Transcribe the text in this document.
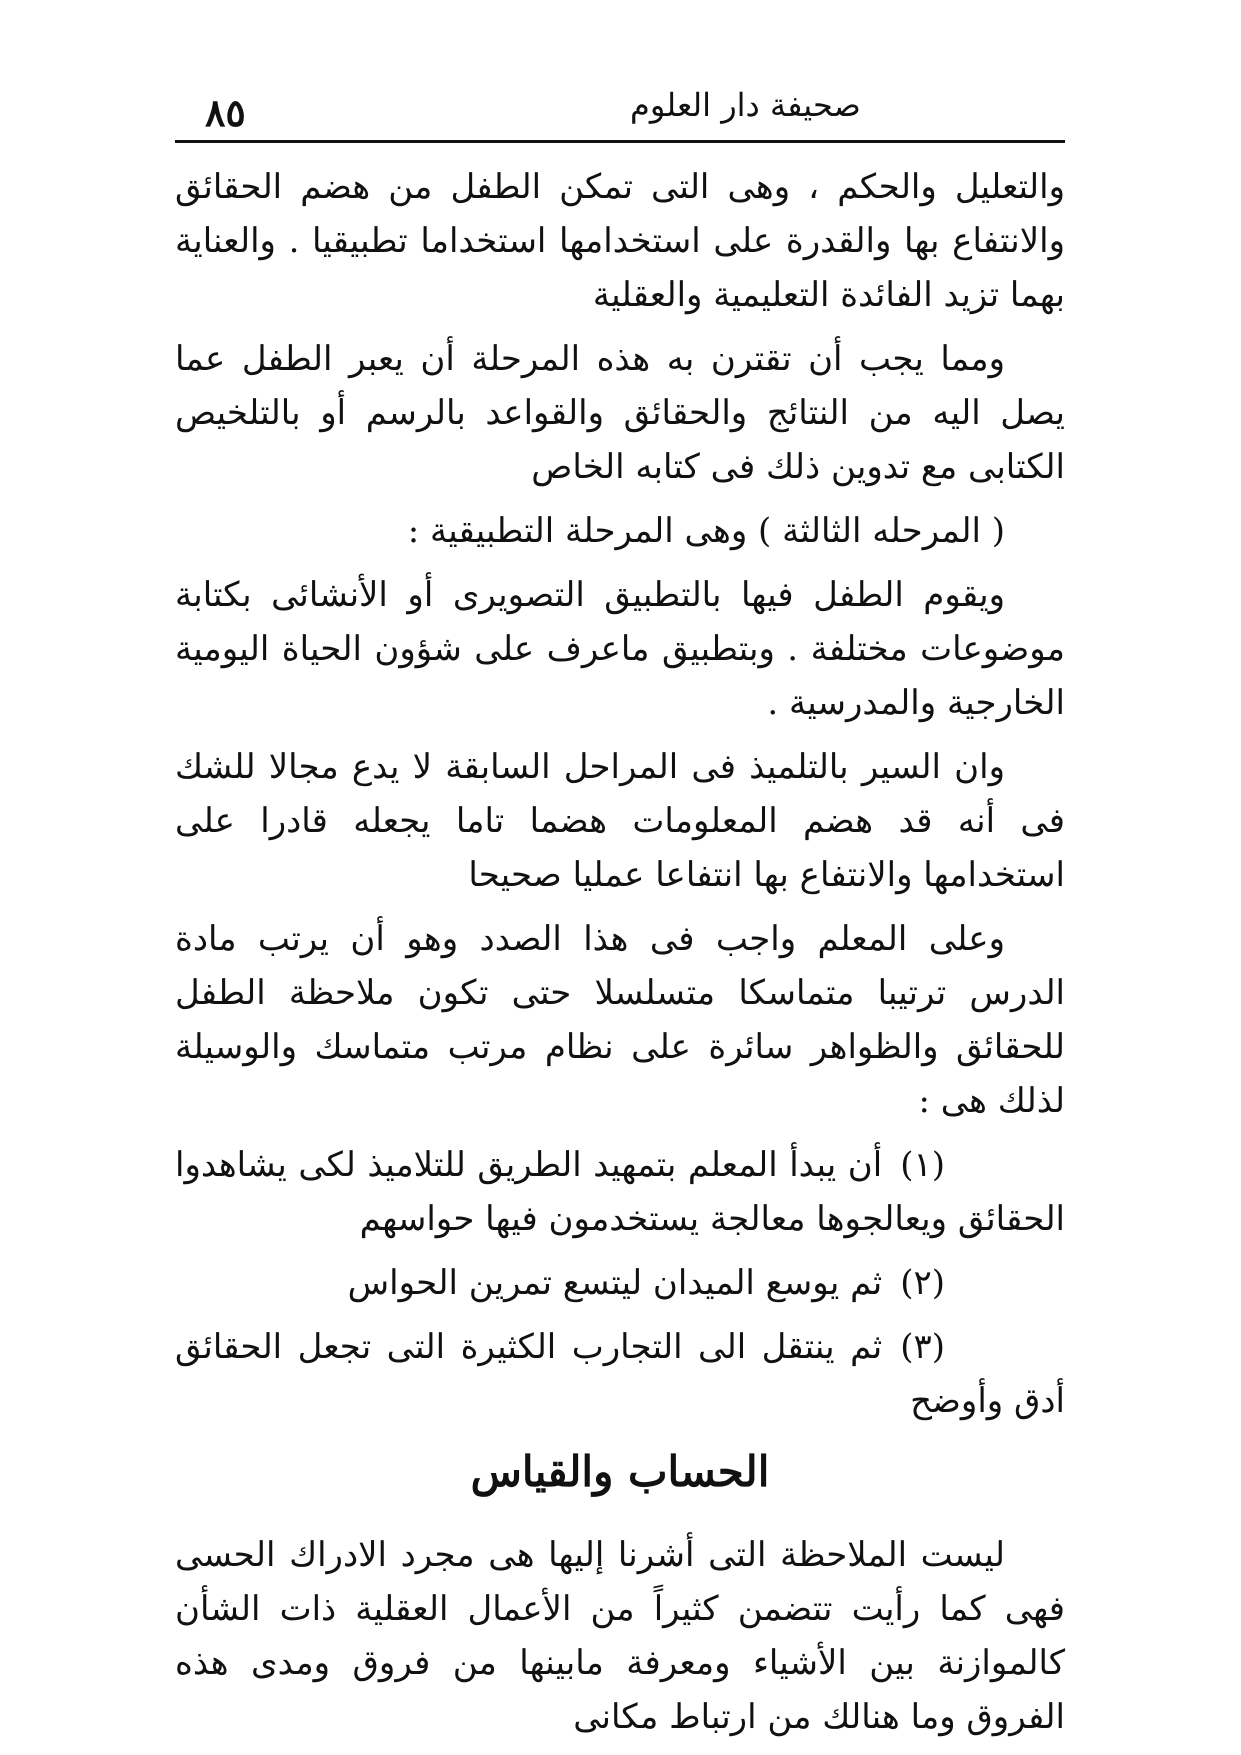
٨٥	صحيفة دار العلوم

والتعليل والحكم ، وهى التى تمكن الطفل من هضم الحقائق والانتفاع بها والقدرة على استخدامها استخداما تطبيقيا . والعناية بهما تزيد الفائدة التعليمية والعقلية

ومما يجب أن تقترن به هذه المرحلة أن يعبر الطفل عما يصل اليه من النتائج والحقائق والقواعد بالرسم أو بالتلخيص الكتابى مع تدوين ذلك فى كتابه الخاص

( المرحله الثالثة ) وهى المرحلة التطبيقية :

ويقوم الطفل فيها بالتطبيق التصويرى أو الأنشائى بكتابة موضوعات مختلفة . وبتطبيق ماعرف على شؤون الحياة اليومية الخارجية والمدرسية .

وان السير بالتلميذ فى المراحل السابقة لا يدع مجالا للشك فى أنه قد هضم المعلومات هضما تاما يجعله قادرا على استخدامها والانتفاع بها انتفاعا عمليا صحيحا

وعلى المعلم واجب فى هذا الصدد وهو أن يرتب مادة الدرس ترتيبا متماسكا متسلسلا حتى تكون ملاحظة الطفل للحقائق والظواهر سائرة على نظام مرتب متماسك والوسيلة لذلك هى :

(١)أن يبدأ المعلم بتمهيد الطريق للتلاميذ لكى يشاهدوا الحقائق ويعالجوها معالجة يستخدمون فيها حواسهم

(٢)ثم يوسع الميدان ليتسع تمرين الحواس

(٣)ثم ينتقل الى التجارب الكثيرة التى تجعل الحقائق أدق وأوضح

الحساب والقياس

ليست الملاحظة التى أشرنا إليها هى مجرد الادراك الحسى فهى كما رأيت تتضمن كثيراً من الأعمال العقلية ذات الشأن كالموازنة بين الأشياء ومعرفة مابينها من فروق ومدى هذه الفروق وما هنالك من ارتباط مكانى
